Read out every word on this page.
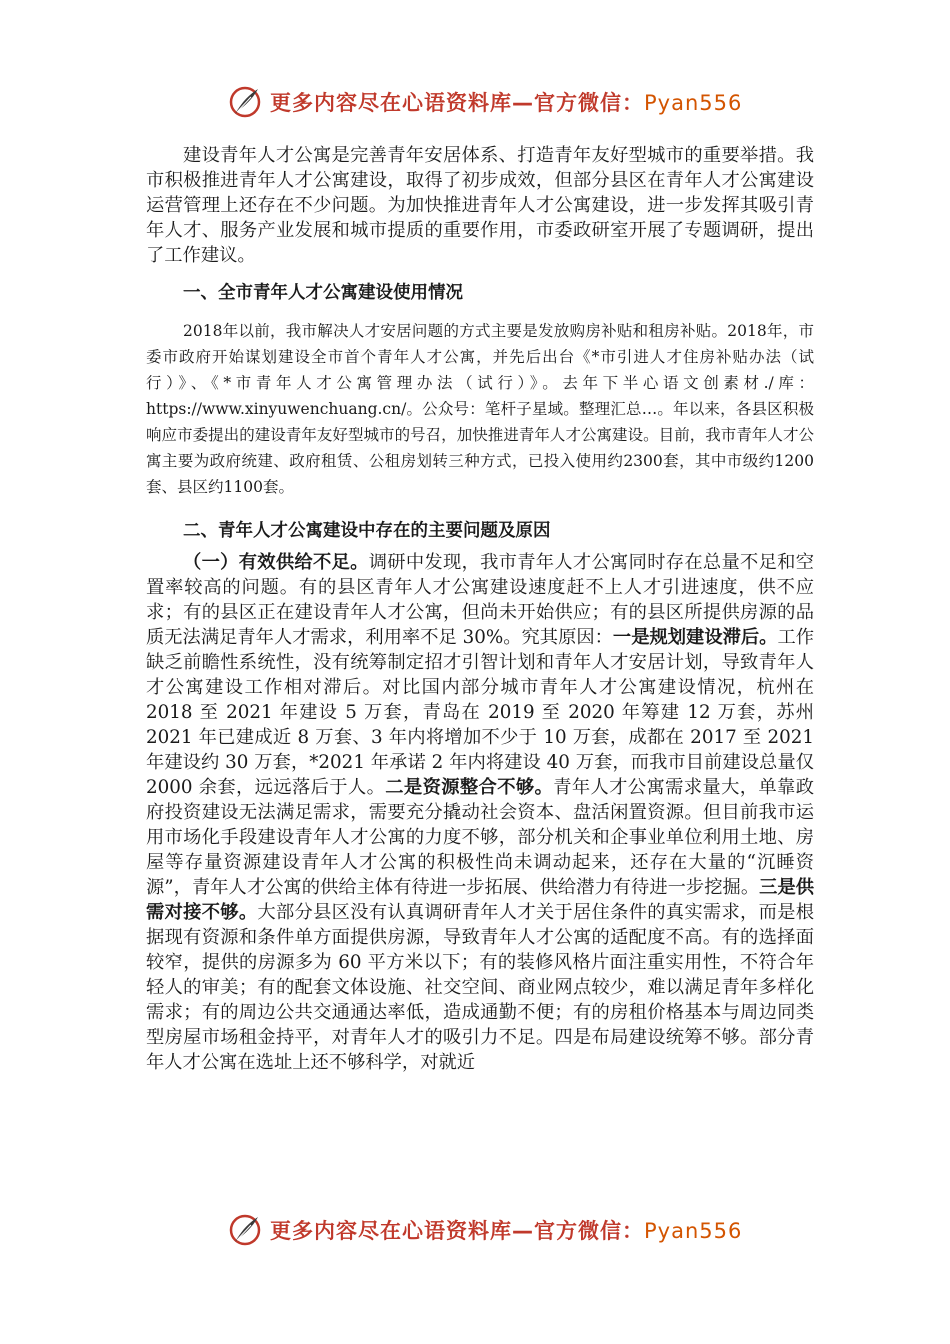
更多内容尽在心语资料库—官方微信：Pyan556

建设青年人才公寓是完善青年安居体系、打造青年友好型城市的重要举措。我市积极推进青年人才公寓建设，取得了初步成效，但部分县区在青年人才公寓建设运营管理上还存在不少问题。为加快推进青年人才公寓建设，进一步发挥其吸引青年人才、服务产业发展和城市提质的重要作用，市委政研室开展了专题调研，提出了工作建议。

一、全市青年人才公寓建设使用情况

2018年以前，我市解决人才安居问题的方式主要是发放购房补贴和租房补贴。2018年，市委市政府开始谋划建设全市首个青年人才公寓，并先后出台《*市引进人才住房补贴办法（试行）》、《*市青年人才公寓管理办法（试行）》。去年下半心语文创素材./库：https://www.xinyuwenchuang.cn/。公众号：笔杆子星域。整理汇总…。年以来，各县区积极响应市委提出的建设青年友好型城市的号召，加快推进青年人才公寓建设。目前，我市青年人才公寓主要为政府统建、政府租赁、公租房划转三种方式，已投入使用约2300套，其中市级约1200套、县区约1100套。

二、青年人才公寓建设中存在的主要问题及原因

（一）有效供给不足。调研中发现，我市青年人才公寓同时存在总量不足和空置率较高的问题。有的县区青年人才公寓建设速度赶不上人才引进速度，供不应求；有的县区正在建设青年人才公寓，但尚未开始供应；有的县区所提供房源的品质无法满足青年人才需求，利用率不足 30%。究其原因：一是规划建设滞后。工作缺乏前瞻性系统性，没有统筹制定招才引智计划和青年人才安居计划，导致青年人才公寓建设工作相对滞后。对比国内部分城市青年人才公寓建设情况，杭州在 2018 至 2021 年建设 5 万套，青岛在 2019 至 2020 年筹建 12 万套，苏州 2021 年已建成近 8 万套、3 年内将增加不少于 10 万套，成都在 2017 至 2021 年建设约 30 万套，*2021 年承诺 2 年内将建设 40 万套，而我市目前建设总量仅 2000 余套，远远落后于人。二是资源整合不够。青年人才公寓需求量大，单靠政府投资建设无法满足需求，需要充分撬动社会资本、盘活闲置资源。但目前我市运用市场化手段建设青年人才公寓的力度不够，部分机关和企事业单位利用土地、房屋等存量资源建设青年人才公寓的积极性尚未调动起来，还存在大量的“沉睡资源”，青年人才公寓的供给主体有待进一步拓展、供给潜力有待进一步挖掘。三是供需对接不够。大部分县区没有认真调研青年人才关于居住条件的真实需求，而是根据现有资源和条件单方面提供房源，导致青年人才公寓的适配度不高。有的选择面较窄，提供的房源多为 60 平方米以下；有的装修风格片面注重实用性，不符合年轻人的审美；有的配套文体设施、社交空间、商业网点较少，难以满足青年多样化需求；有的周边公共交通通达率低，造成通勤不便；有的房租价格基本与周边同类型房屋市场租金持平，对青年人才的吸引力不足。四是布局建设统筹不够。部分青年人才公寓在选址上还不够科学，对就近

更多内容尽在心语资料库—官方微信：Pyan556
